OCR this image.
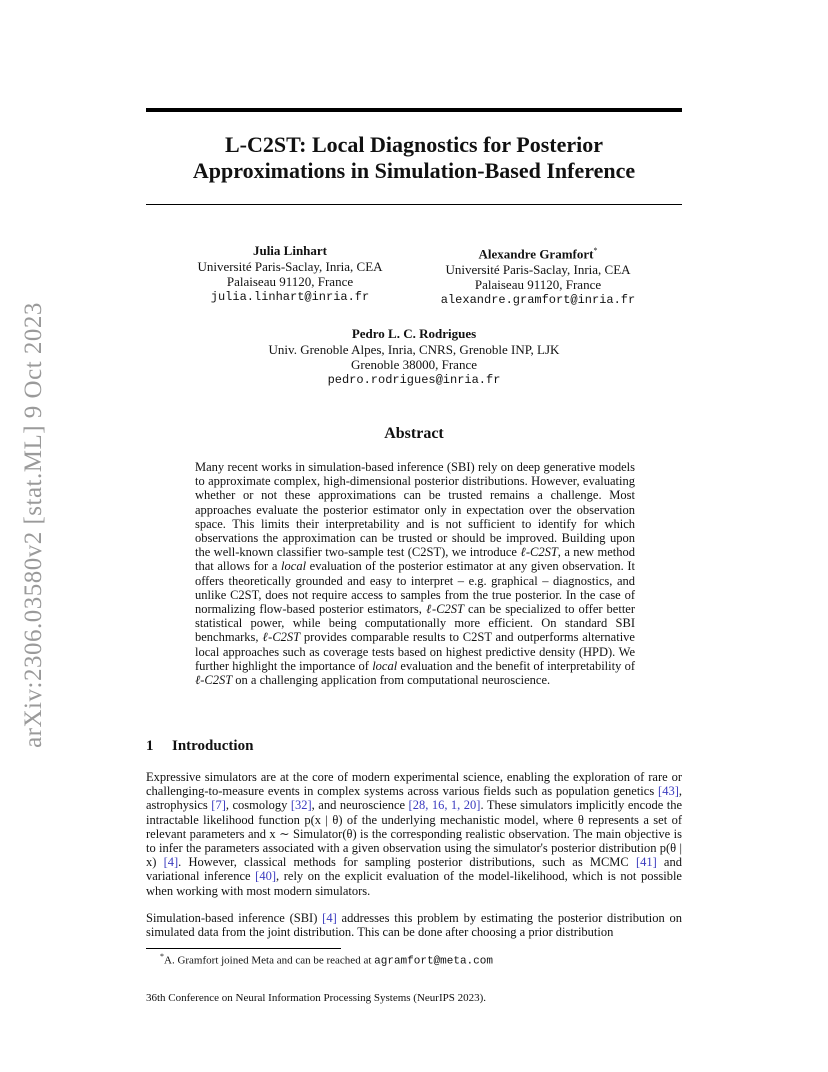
arXiv:2306.03580v2 [stat.ML] 9 Oct 2023
L-C2ST: Local Diagnostics for Posterior
Approximations in Simulation-Based Inference
Julia Linhart
Université Paris-Saclay, Inria, CEA
Palaiseau 91120, France
julia.linhart@inria.fr
Alexandre Gramfort*
Université Paris-Saclay, Inria, CEA
Palaiseau 91120, France
alexandre.gramfort@inria.fr
Pedro L. C. Rodrigues
Univ. Grenoble Alpes, Inria, CNRS, Grenoble INP, LJK
Grenoble 38000, France
pedro.rodrigues@inria.fr
Abstract
Many recent works in simulation-based inference (SBI) rely on deep generative models to approximate complex, high-dimensional posterior distributions. However, evaluating whether or not these approximations can be trusted remains a challenge. Most approaches evaluate the posterior estimator only in expectation over the observation space. This limits their interpretability and is not sufficient to identify for which observations the approximation can be trusted or should be improved. Building upon the well-known classifier two-sample test (C2ST), we introduce ℓ-C2ST, a new method that allows for a local evaluation of the posterior estimator at any given observation. It offers theoretically grounded and easy to interpret – e.g. graphical – diagnostics, and unlike C2ST, does not require access to samples from the true posterior. In the case of normalizing flow-based posterior estimators, ℓ-C2ST can be specialized to offer better statistical power, while being computationally more efficient. On standard SBI benchmarks, ℓ-C2ST provides comparable results to C2ST and outperforms alternative local approaches such as coverage tests based on highest predictive density (HPD). We further highlight the importance of local evaluation and the benefit of interpretability of ℓ-C2ST on a challenging application from computational neuroscience.
1 Introduction
Expressive simulators are at the core of modern experimental science, enabling the exploration of rare or challenging-to-measure events in complex systems across various fields such as population genetics [43], astrophysics [7], cosmology [32], and neuroscience [28, 16, 1, 20]. These simulators implicitly encode the intractable likelihood function p(x | θ) of the underlying mechanistic model, where θ represents a set of relevant parameters and x ∼ Simulator(θ) is the corresponding realistic observation. The main objective is to infer the parameters associated with a given observation using the simulator's posterior distribution p(θ | x) [4]. However, classical methods for sampling posterior distributions, such as MCMC [41] and variational inference [40], rely on the explicit evaluation of the model-likelihood, which is not possible when working with most modern simulators.
Simulation-based inference (SBI) [4] addresses this problem by estimating the posterior distribution on simulated data from the joint distribution. This can be done after choosing a prior distribution
*A. Gramfort joined Meta and can be reached at agramfort@meta.com
36th Conference on Neural Information Processing Systems (NeurIPS 2023).
